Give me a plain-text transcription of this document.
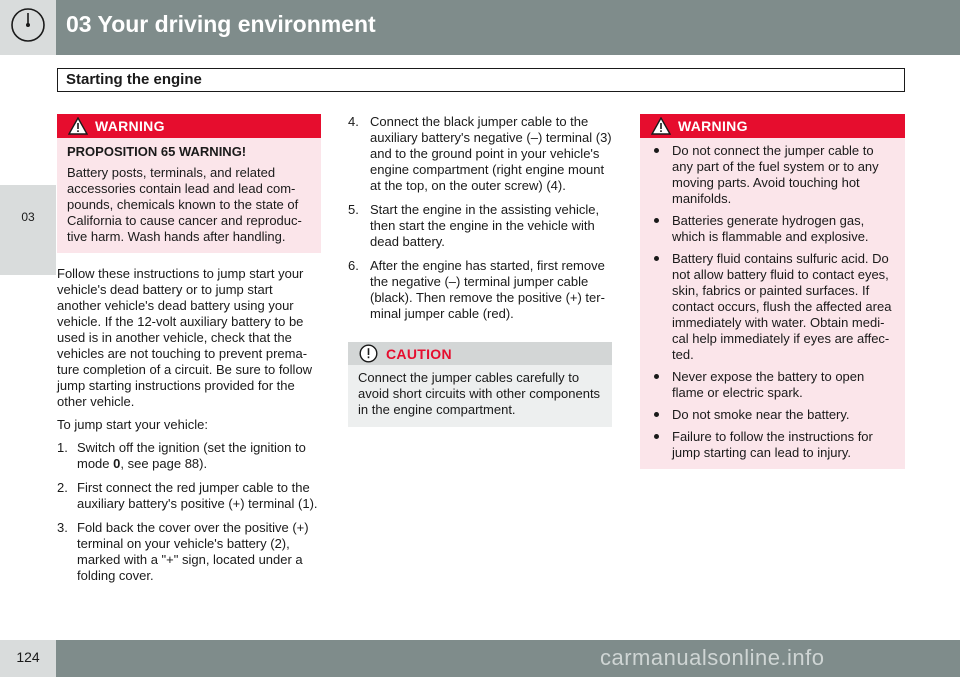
03 Your driving environment
03
Starting the engine
WARNING
PROPOSITION 65 WARNING!
Battery posts, terminals, and related
accessories contain lead and lead com-
pounds, chemicals known to the state of
California to cause cancer and reproduc-
tive harm. Wash hands after handling.
Follow these instructions to jump start your
vehicle's dead battery or to jump start
another vehicle's dead battery using your
vehicle. If the 12-volt auxiliary battery to be
used is in another vehicle, check that the
vehicles are not touching to prevent prema-
ture completion of a circuit. Be sure to follow
jump starting instructions provided for the
other vehicle.
To jump start your vehicle:
1. Switch off the ignition (set the ignition to
mode 0, see page 88).
2. First connect the red jumper cable to the
auxiliary battery's positive (+) terminal (1).
3. Fold back the cover over the positive (+)
terminal on your vehicle's battery (2),
marked with a "+" sign, located under a
folding cover.
4. Connect the black jumper cable to the
auxiliary battery's negative (–) terminal (3)
and to the ground point in your vehicle's
engine compartment (right engine mount
at the top, on the outer screw) (4).
5. Start the engine in the assisting vehicle,
then start the engine in the vehicle with
dead battery.
6. After the engine has started, first remove
the negative (–) terminal jumper cable
(black). Then remove the positive (+) ter-
minal jumper cable (red).
CAUTION
Connect the jumper cables carefully to
avoid short circuits with other components
in the engine compartment.
WARNING
Do not connect the jumper cable to
any part of the fuel system or to any
moving parts. Avoid touching hot
manifolds.
Batteries generate hydrogen gas,
which is flammable and explosive.
Battery fluid contains sulfuric acid. Do
not allow battery fluid to contact eyes,
skin, fabrics or painted surfaces. If
contact occurs, flush the affected area
immediately with water. Obtain medi-
cal help immediately if eyes are affec-
ted.
Never expose the battery to open
flame or electric spark.
Do not smoke near the battery.
Failure to follow the instructions for
jump starting can lead to injury.
124	carmanualsonline.info
